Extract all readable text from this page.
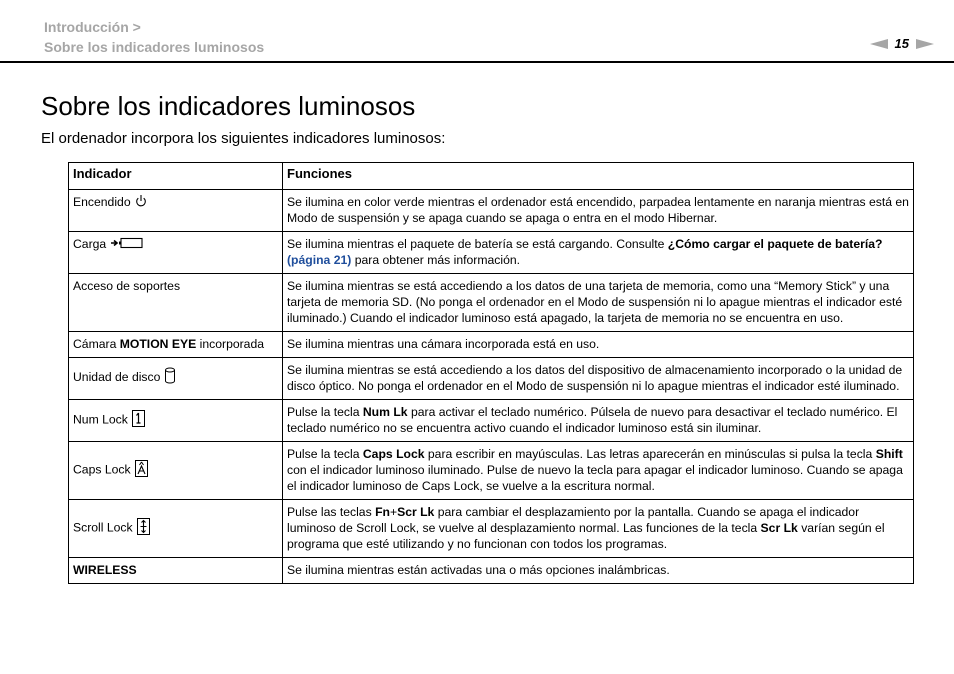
Introducción >
Sobre los indicadores luminosos	15
Sobre los indicadores luminosos

El ordenador incorpora los siguientes indicadores luminosos:

Indicador	Funciones
Encendido	Se ilumina en color verde mientras el ordenador está encendido, parpadea lentamente en naranja mientras está en Modo de suspensión y se apaga cuando se apaga o entra en el modo Hibernar.
Carga	Se ilumina mientras el paquete de batería se está cargando. Consulte ¿Cómo cargar el paquete de batería? (página 21) para obtener más información.
Acceso de soportes	Se ilumina mientras se está accediendo a los datos de una tarjeta de memoria, como una “Memory Stick” y una tarjeta de memoria SD. (No ponga el ordenador en el Modo de suspensión ni lo apague mientras el indicador esté iluminado.) Cuando el indicador luminoso está apagado, la tarjeta de memoria no se encuentra en uso.
Cámara MOTION EYE incorporada	Se ilumina mientras una cámara incorporada está en uso.
Unidad de disco	Se ilumina mientras se está accediendo a los datos del dispositivo de almacenamiento incorporado o la unidad de disco óptico. No ponga el ordenador en el Modo de suspensión ni lo apague mientras el indicador esté iluminado.
Num Lock	Pulse la tecla Num Lk para activar el teclado numérico. Púlsela de nuevo para desactivar el teclado numérico. El teclado numérico no se encuentra activo cuando el indicador luminoso está sin iluminar.
Caps Lock	Pulse la tecla Caps Lock para escribir en mayúsculas. Las letras aparecerán en minúsculas si pulsa la tecla Shift con el indicador luminoso iluminado. Pulse de nuevo la tecla para apagar el indicador luminoso. Cuando se apaga el indicador luminoso de Caps Lock, se vuelve a la escritura normal.
Scroll Lock	Pulse las teclas Fn+Scr Lk para cambiar el desplazamiento por la pantalla. Cuando se apaga el indicador luminoso de Scroll Lock, se vuelve al desplazamiento normal. Las funciones de la tecla Scr Lk varían según el programa que esté utilizando y no funcionan con todos los programas.
WIRELESS	Se ilumina mientras están activadas una o más opciones inalámbricas.
